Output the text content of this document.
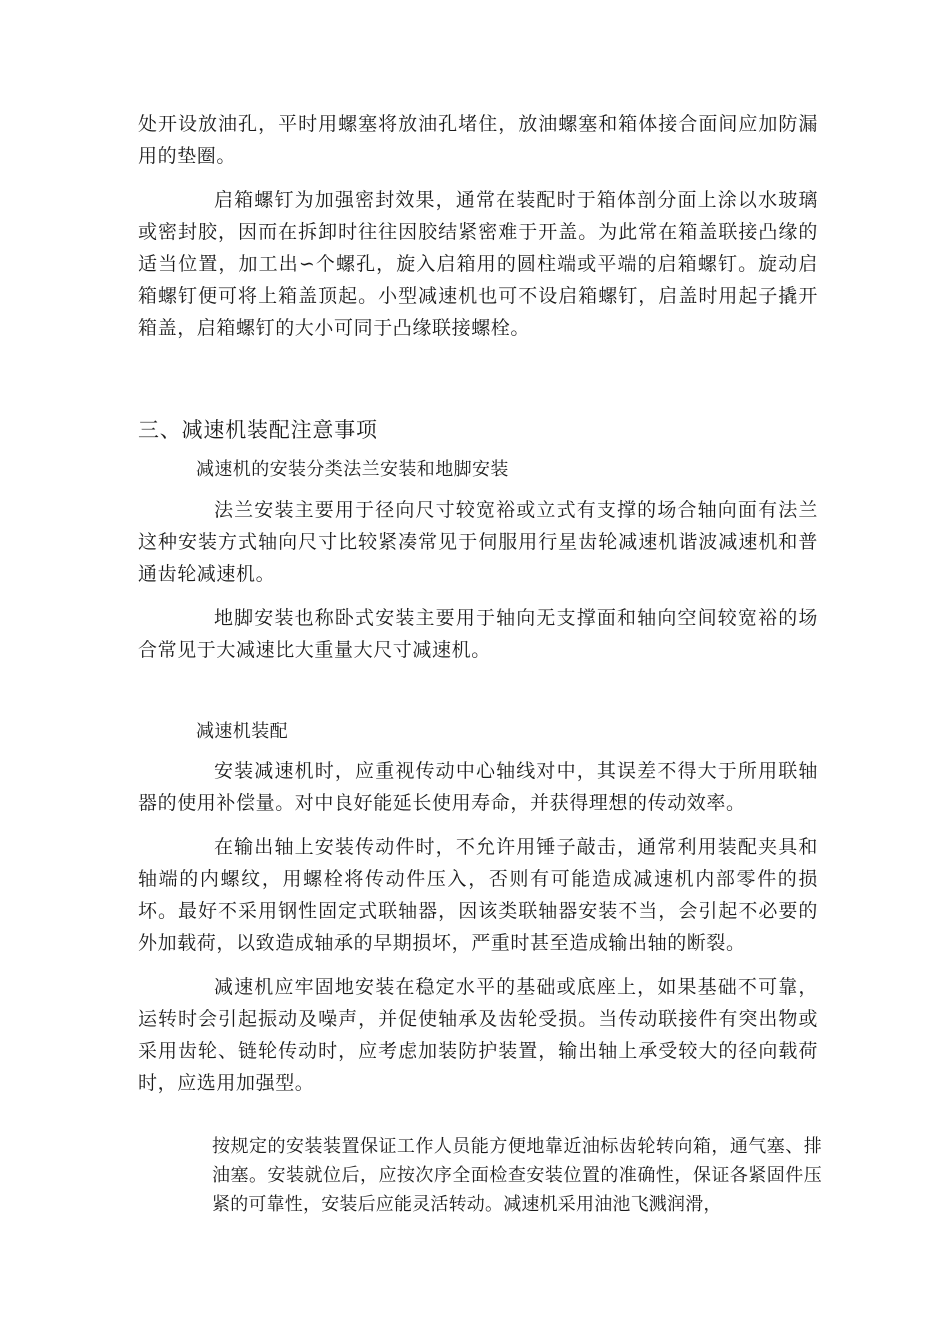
处开设放油孔，平时用螺塞将放油孔堵住，放油螺塞和箱体接合面间应加防漏用的垫圈。

启箱螺钉为加强密封效果，通常在装配时于箱体剖分面上涂以水玻璃或密封胶，因而在拆卸时往往因胶结紧密难于开盖。为此常在箱盖联接凸缘的适当位置，加工出∽个螺孔，旋入启箱用的圆柱端或平端的启箱螺钉。旋动启箱螺钉便可将上箱盖顶起。小型减速机也可不设启箱螺钉，启盖时用起子撬开箱盖，启箱螺钉的大小可同于凸缘联接螺栓。

三、减速机装配注意事项
减速机的安装分类法兰安装和地脚安装

法兰安装主要用于径向尺寸较宽裕或立式有支撑的场合轴向面有法兰这种安装方式轴向尺寸比较紧凑常见于伺服用行星齿轮减速机谐波减速机和普通齿轮减速机。

地脚安装也称卧式安装主要用于轴向无支撑面和轴向空间较宽裕的场合常见于大减速比大重量大尺寸减速机。

减速机装配

安装减速机时，应重视传动中心轴线对中，其误差不得大于所用联轴器的使用补偿量。对中良好能延长使用寿命，并获得理想的传动效率。

在输出轴上安装传动件时，不允许用锤子敲击，通常利用装配夹具和轴端的内螺纹，用螺栓将传动件压入，否则有可能造成减速机内部零件的损坏。最好不采用钢性固定式联轴器，因该类联轴器安装不当，会引起不必要的外加载荷，以致造成轴承的早期损坏，严重时甚至造成输出轴的断裂。

减速机应牢固地安装在稳定水平的基础或底座上，如果基础不可靠，运转时会引起振动及噪声，并促使轴承及齿轮受损。当传动联接件有突出物或采用齿轮、链轮传动时，应考虑加装防护装置，输出轴上承受较大的径向载荷时，应选用加强型。

按规定的安装装置保证工作人员能方便地靠近油标齿轮转向箱，通气塞、排油塞。安装就位后，应按次序全面检查安装位置的准确性，保证各紧固件压紧的可靠性，安装后应能灵活转动。减速机采用油池飞溅润滑，
